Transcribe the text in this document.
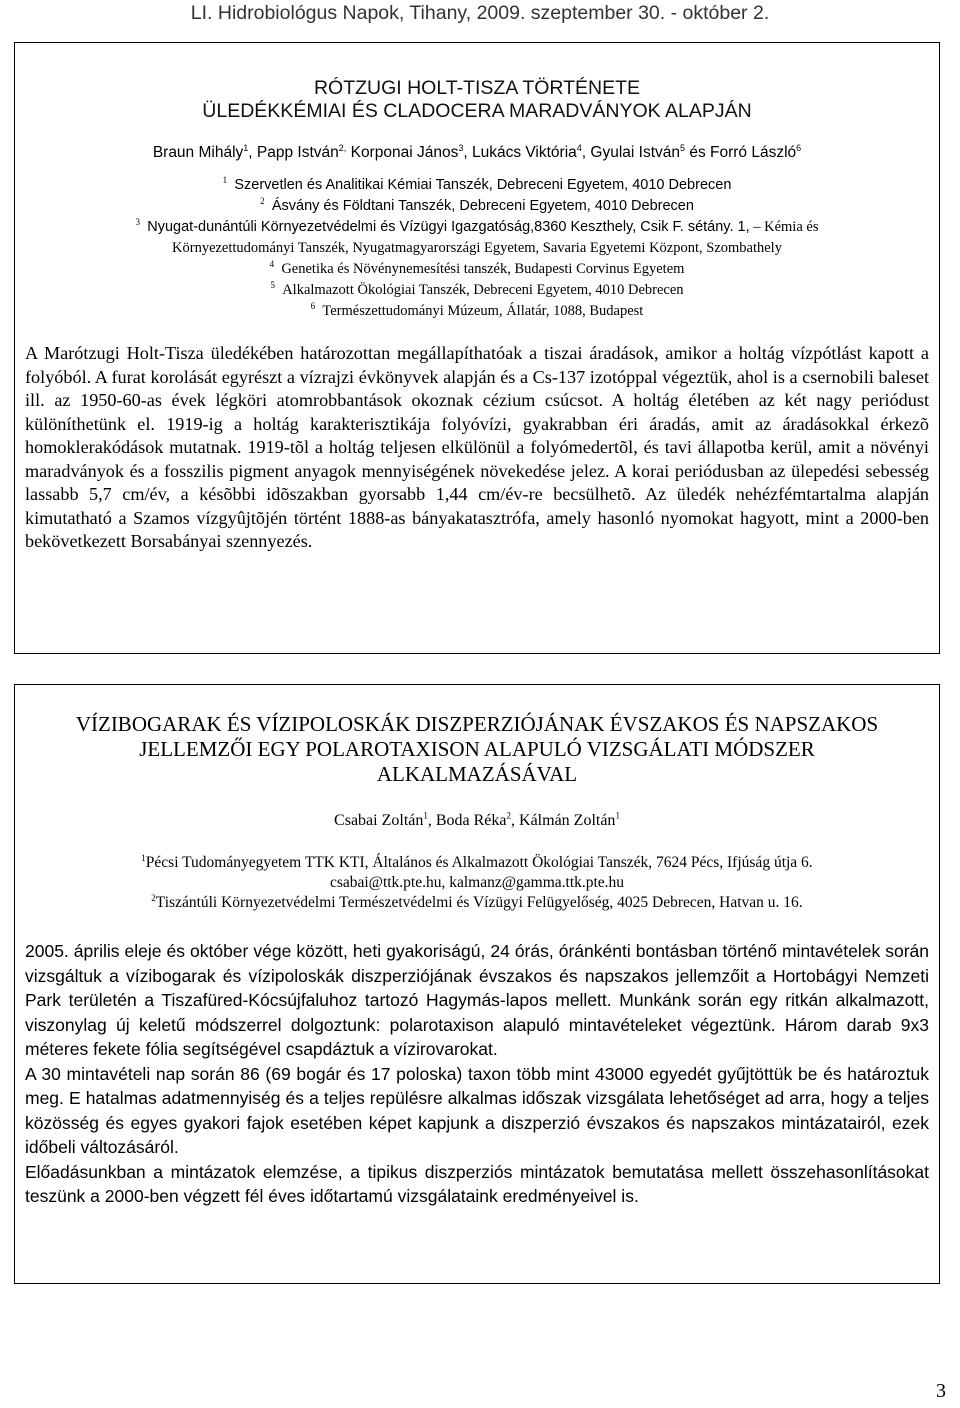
LI. Hidrobiológus Napok, Tihany, 2009. szeptember 30. - október 2.
RÓTZUGI HOLT-TISZA TÖRTÉNETE
ÜLEDÉKKÉMIAI ÉS CLADOCERA MARADVÁNYOK ALAPJÁN
Braun Mihály$^1$, Papp István$^{2,}$ Korponai János$^3$, Lukács Viktória$^4$, Gyulai István$^5$ és Forró László$^6$
$^1$ Szervetlen és Analitikai Kémiai Tanszék, Debreceni Egyetem, 4010 Debrecen
$^2$ Ásvány és Földtani Tanszék, Debreceni Egyetem, 4010 Debrecen
$^3$ Nyugat-dunántúli Környezetvédelmi és Vízügyi Igazgatóság,8360 Keszthely, Csik F. sétány. 1, – Kémia és
Környezettudományi Tanszék, Nyugatmagyarországi Egyetem, Savaria Egyetemi Központ, Szombathely
$^4$ Genetika és Növénynemesítési tanszék, Budapesti Corvinus Egyetem
$^5$ Alkalmazott Ökológiai Tanszék, Debreceni Egyetem, 4010 Debrecen
$^6$ Természettudományi Múzeum, Állatár, 1088, Budapest

A Marótzugi Holt-Tisza üledékében határozottan megállapíthatóak a tiszai áradások, amikor a holtág vízpótlást kapott a folyóból. A furat korolását egyrészt a vízrajzi évkönyvek alapján és a Cs-137 izotóppal végeztük, ahol is a csernobili baleset ill. az 1950-60-as évek légköri atomrobbantások okoznak cézium csúcsot. A holtág életében az két nagy periódust különíthetünk el. 1919-ig a holtág karakterisztikája folyóvízi, gyakrabban éri áradás, amit az áradásokkal érkezõ homoklerakódások mutatnak. 1919-tõl a holtág teljesen elkülönül a folyómedertõl, és tavi állapotba kerül, amit a növényi maradványok és a fosszilis pigment anyagok mennyiségének növekedése jelez. A korai periódusban az ülepedési sebesség lassabb 5,7 cm/év, a késõbbi idõszakban gyorsabb 1,44 cm/év-re becsülhetõ. Az üledék nehézfémtartalma alapján kimutatható a Szamos vízgyûjtõjén történt 1888-as bányakatasztrófa, amely hasonló nyomokat hagyott, mint a 2000-ben bekövetkezett Borsabányai szennyezés.

VÍZIBOGARAK ÉS VÍZIPOLOSKÁK DISZPERZIÓJÁNAK ÉVSZAKOS ÉS NAPSZAKOS
JELLEMZŐI EGY POLAROTAXISON ALAPULÓ VIZSGÁLATI MÓDSZER
ALKALMAZÁSÁVAL
Csabai Zoltán$^1$, Boda Réka$^2$, Kálmán Zoltán$^1$
$^1$Pécsi Tudományegyetem TTK KTI, Általános és Alkalmazott Ökológiai Tanszék, 7624 Pécs, Ifjúság útja 6.
csabai@ttk.pte.hu, kalmanz@gamma.ttk.pte.hu
$^2$Tiszántúli Környezetvédelmi Természetvédelmi és Vízügyi Felügyelőség, 4025 Debrecen, Hatvan u. 16.

2005. április eleje és október vége között, heti gyakoriságú, 24 órás, óránkénti bontásban történő mintavételek során vizsgáltuk a vízibogarak és vízipoloskák diszperziójának évszakos és napszakos jellemzőit a Hortobágyi Nemzeti Park területén a Tiszafüred-Kócsújfaluhoz tartozó Hagymás-lapos mellett. Munkánk során egy ritkán alkalmazott, viszonylag új keletű módszerrel dolgoztunk: polarotaxison alapuló mintavételeket végeztünk. Három darab 9x3 méteres fekete fólia segítségével csapdáztuk a vízirovarokat.

A 30 mintavételi nap során 86 (69 bogár és 17 poloska) taxon több mint 43000 egyedét gyűjtöttük be és határoztuk meg. E hatalmas adatmennyiség és a teljes repülésre alkalmas időszak vizsgálata lehetőséget ad arra, hogy a teljes közösség és egyes gyakori fajok esetében képet kapjunk a diszperzió évszakos és napszakos mintázatairól, ezek időbeli változásáról.

Előadásunkban a mintázatok elemzése, a tipikus diszperziós mintázatok bemutatása mellett összehasonlításokat teszünk a 2000-ben végzett fél éves időtartamú vizsgálataink eredményeivel is.

3
